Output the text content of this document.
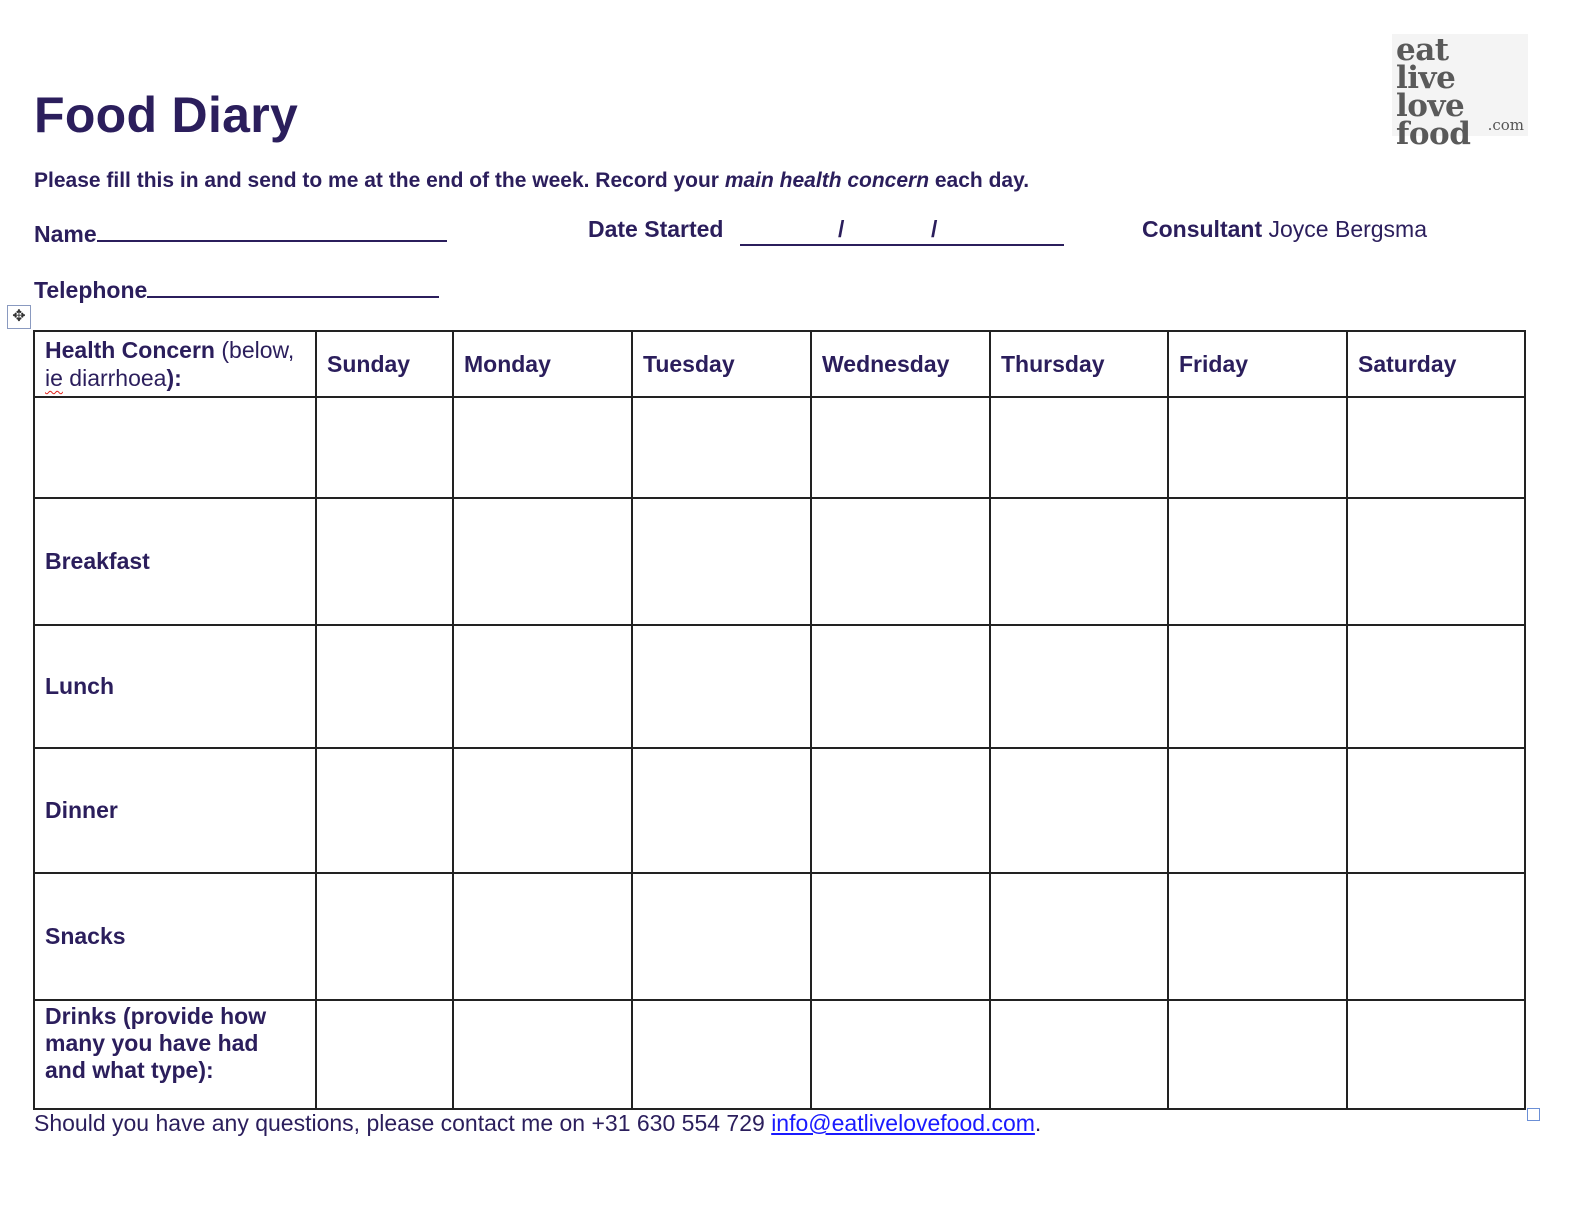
Food Diary
Please fill this in and send to me at the end of the week. Record your main health concern each day.
Name	Date Started	/	/	Consultant Joyce Bergsma
Telephone
eat
live
love food	.com
✥
Health Concern (below, ie diarrhoea):	Sunday	Monday	Tuesday	Wednesday	Thursday	Friday	Saturday

Breakfast							
Lunch							
Dinner							
Snacks							
Drinks (provide how many you have had and what type):							
Should you have any questions, please contact me on +31 630 554 729 info@eatlivelovefood.com.
